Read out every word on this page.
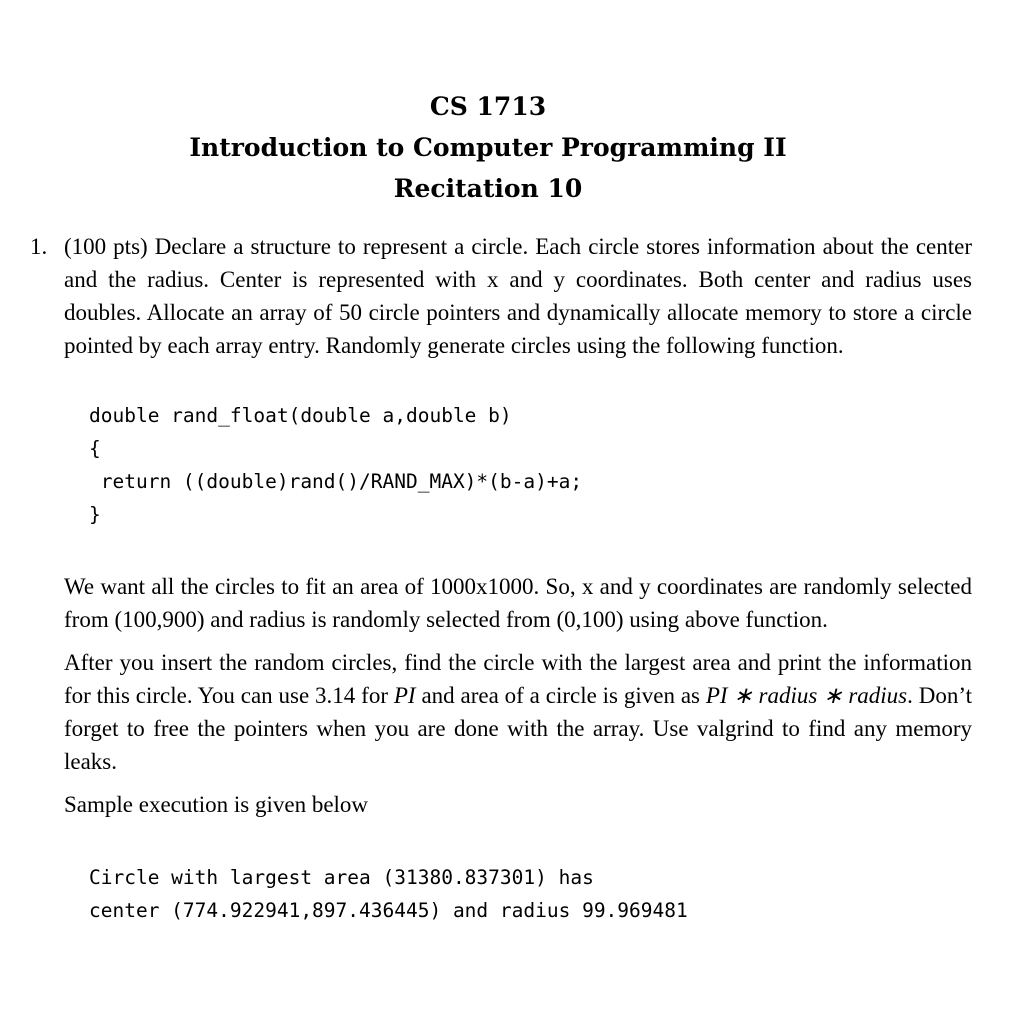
CS 1713
Introduction to Computer Programming II
Recitation 10
1. (100 pts) Declare a structure to represent a circle. Each circle stores information about the center and the radius. Center is represented with x and y coordinates. Both center and radius uses doubles. Allocate an array of 50 circle pointers and dynamically allocate memory to store a circle pointed by each array entry. Randomly generate circles using the following function.

double rand_float(double a,double b)
{
return ((double)rand()/RAND_MAX)*(b-a)+a;
}

We want all the circles to fit an area of 1000x1000. So, x and y coordinates are randomly selected from (100,900) and radius is randomly selected from (0,100) using above function.

After you insert the random circles, find the circle with the largest area and print the information for this circle. You can use 3.14 for PI and area of a circle is given as PI ∗ radius ∗ radius. Don’t forget to free the pointers when you are done with the array. Use valgrind to find any memory leaks.

Sample execution is given below

Circle with largest area (31380.837301) has
center (774.922941,897.436445) and radius 99.969481
